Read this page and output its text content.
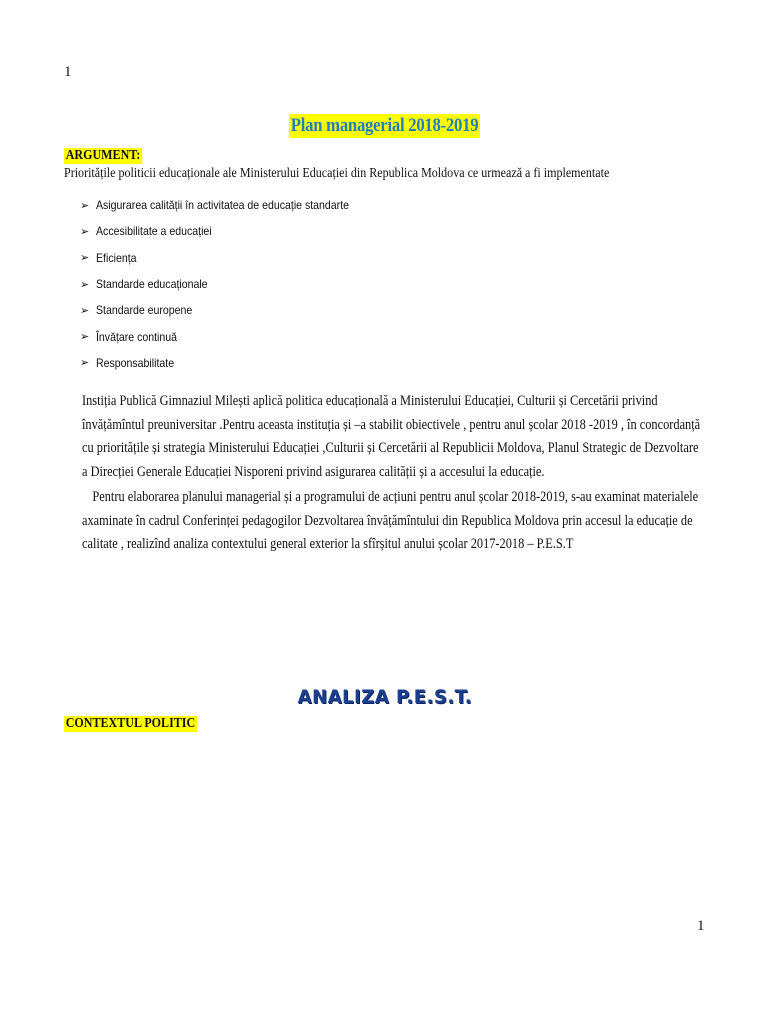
1
Plan managerial 2018-2019
ARGUMENT:
Prioritățile politicii educaționale ale Ministerului Educației din Republica Moldova ce urmează a fi implementate
➢ Asigurarea calității în activitatea de educație standarte
➢ Accesibilitate a educației
➢ Eficiența
➢ Standarde educaționale
➢ Standarde europene
➢ Învățare continuă
➢ Responsabilitate

Instiția Publică Gimnaziul Milești aplică politica educațională a Ministerului Educației, Culturii și Cercetării privind învățămîntul preuniversitar .Pentru aceasta instituția și –a stabilit obiectivele , pentru anul școlar 2018 -2019 , în concordanță cu prioritățile și strategia Ministerului Educației ,Culturii și Cercetării al Republicii Moldova, Planul Strategic de Dezvoltare a Direcției Generale Educației Nisporeni privind asigurarea calității și a accesului la educație.

Pentru elaborarea planului managerial și a programului de acțiuni pentru anul școlar 2018-2019, s-au examinat materialele axaminate în cadrul Conferinței pedagogilor Dezvoltarea învățămîntului din Republica Moldova prin accesul la educație de calitate , realizînd analiza contextului general exterior la sfîrșitul anului școlar 2017-2018 – P.E.S.T

ANALIZA P.E.S.T.
CONTEXTUL POLITIC
1
